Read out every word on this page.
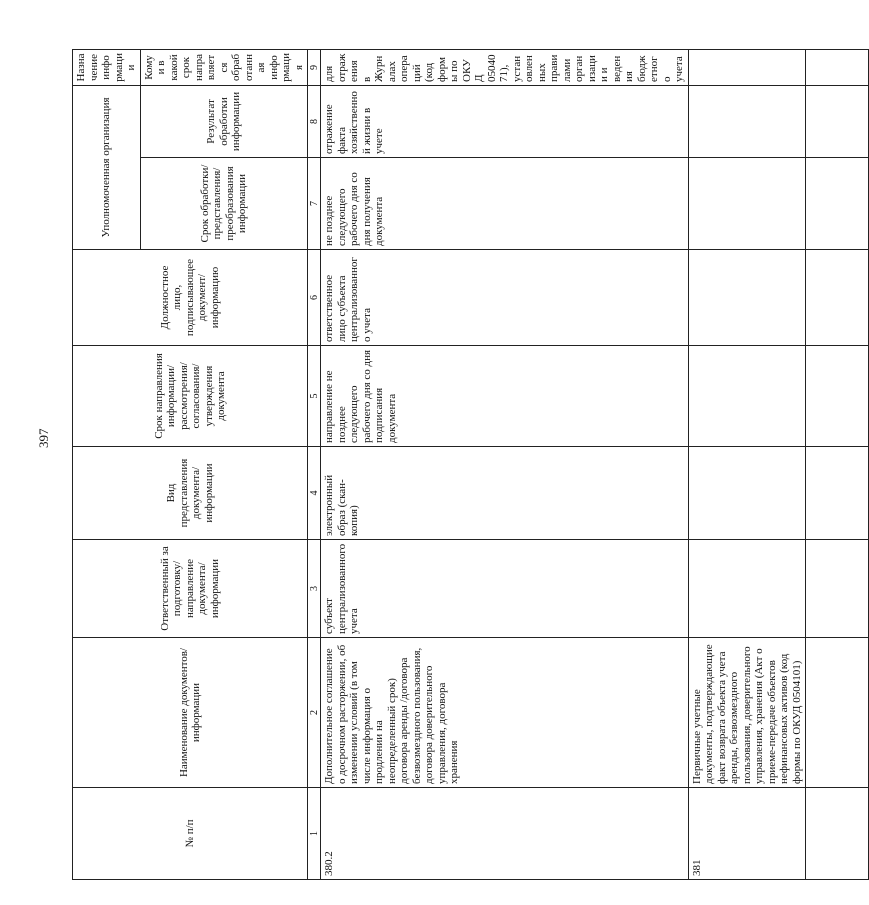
397
№ п/п	Наименование документов/ информации	Ответственный за подготовку/ направление документа/ информации	Вид представления документа/ информации	Срок направления информации/ рассмотрения/ согласования/ утверждения документа	Должностное лицо, подписывающее документ/ информацию	Уполномоченная организация		Назначение информации
						Срок обработки/ представления/ преобразования информации	Результат обработки информации	Кому и в какой срок направляется обработанная информация
1	2	3	4	5	6	7	8	9
380.2	Дополнительное соглашение о досрочном расторжении, об изменении условий (в том числе информация о продлении на неопределенный срок) договора аренды /договора безвозмездного пользования, договора доверительного управления, договора хранения	субъект централизованного учета	электронный образ (скан-копия)	направление не позднее следующего рабочего дня со дня подписания документа	ответственное лицо субъекта централизованного учета	не позднее следующего рабочего дня со дня получения документа	отражение факта хозяйственной жизни в учете	для отражения в Журналах операций (код формы по ОКУД 0504071), установленных правилами организации и ведения бюджетного учета
381	Первичные учетные документы, подтверждающие факт возврата объекта учета аренды, безвозмездного пользования, доверительного управления, хранения (Акт о приеме-передаче объектов нефинансовых активов (код формы по ОКУД 0504101)							
